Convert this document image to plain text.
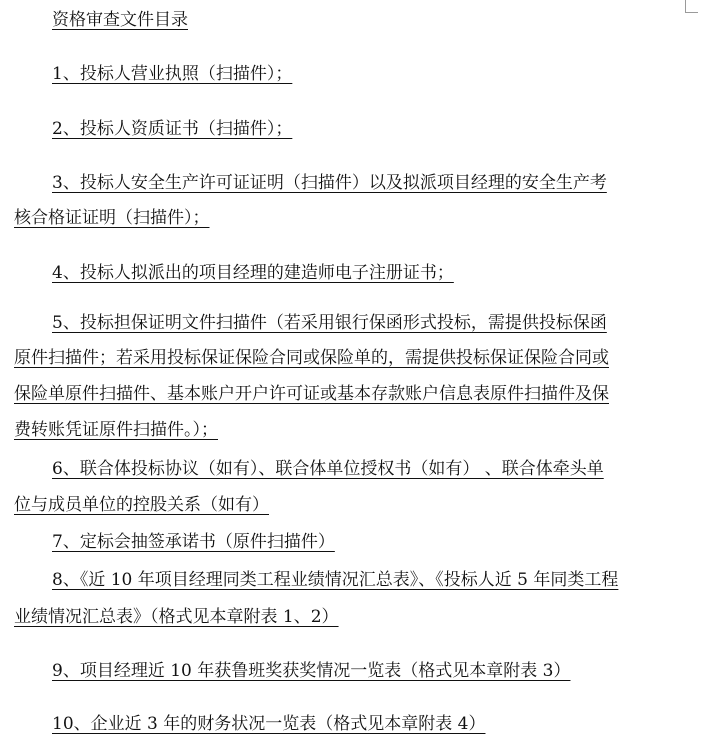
资格审查文件目录
1、投标人营业执照（扫描件）；
2、投标人资质证书（扫描件）；
3、投标人安全生产许可证证明（扫描件）以及拟派项目经理的安全生产考
核合格证证明（扫描件）；
4、投标人拟派出的项目经理的建造师电子注册证书；
5、投标担保证明文件扫描件（若采用银行保函形式投标，需提供投标保函
原件扫描件；若采用投标保证保险合同或保险单的，需提供投标保证保险合同或
保险单原件扫描件、基本账户开户许可证或基本存款账户信息表原件扫描件及保
费转账凭证原件扫描件。）；
6、联合体投标协议（如有）、联合体单位授权书（如有） 、联合体牵头单
位与成员单位的控股关系（如有）
7、定标会抽签承诺书（原件扫描件）
8、《近 10 年项目经理同类工程业绩情况汇总表》、《投标人近 5 年同类工程
业绩情况汇总表》（格式见本章附表 1、2）
9、项目经理近 10 年获鲁班奖获奖情况一览表（格式见本章附表 3）
10、企业近 3 年的财务状况一览表（格式见本章附表 4）
